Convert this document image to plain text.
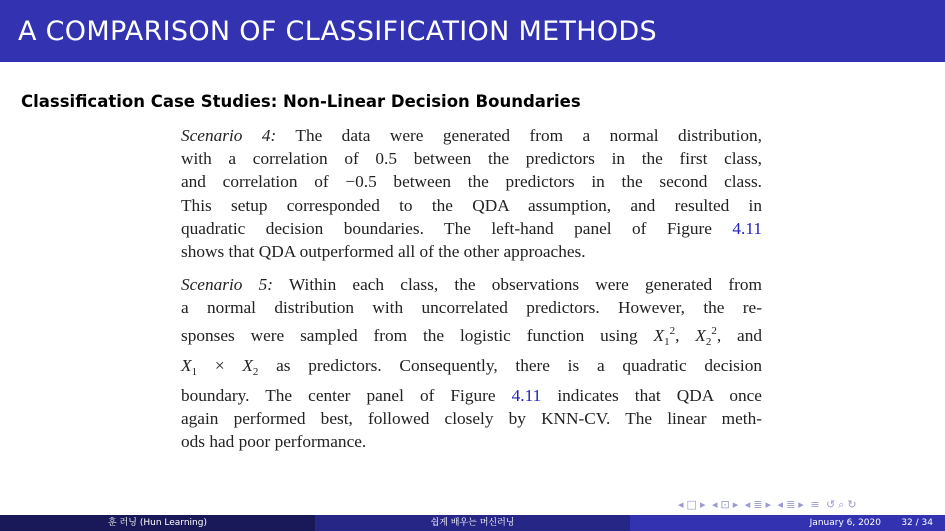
A COMPARISON OF CLASSIFICATION METHODS
Classification Case Studies: Non-Linear Decision Boundaries
Scenario 4: The data were generated from a normal distribution,
with a correlation of 0.5 between the predictors in the first class,
and correlation of −0.5 between the predictors in the second class.
This setup corresponded to the QDA assumption, and resulted in
quadratic decision boundaries. The left-hand panel of Figure 4.11
shows that QDA outperformed all of the other approaches.
Scenario 5: Within each class, the observations were generated from
a normal distribution with uncorrelated predictors. However, the re-
sponses were sampled from the logistic function using $X_1^2$, $X_2^2$, and
$X_1 \times X_2$ as predictors. Consequently, there is a quadratic decision
boundary. The center panel of Figure 4.11 indicates that QDA once
again performed best, followed closely by KNN-CV. The linear meth-
ods had poor performance.
◂ □ ▸ ◂ ⊡ ▸ ◂ ≣ ▸ ◂ ≣ ▸ ≡ ↺ ⌕ ↻
훈 러닝 (Hun Learning)	쉽게 배우는 머신러닝	January 6, 2020 32 / 34
